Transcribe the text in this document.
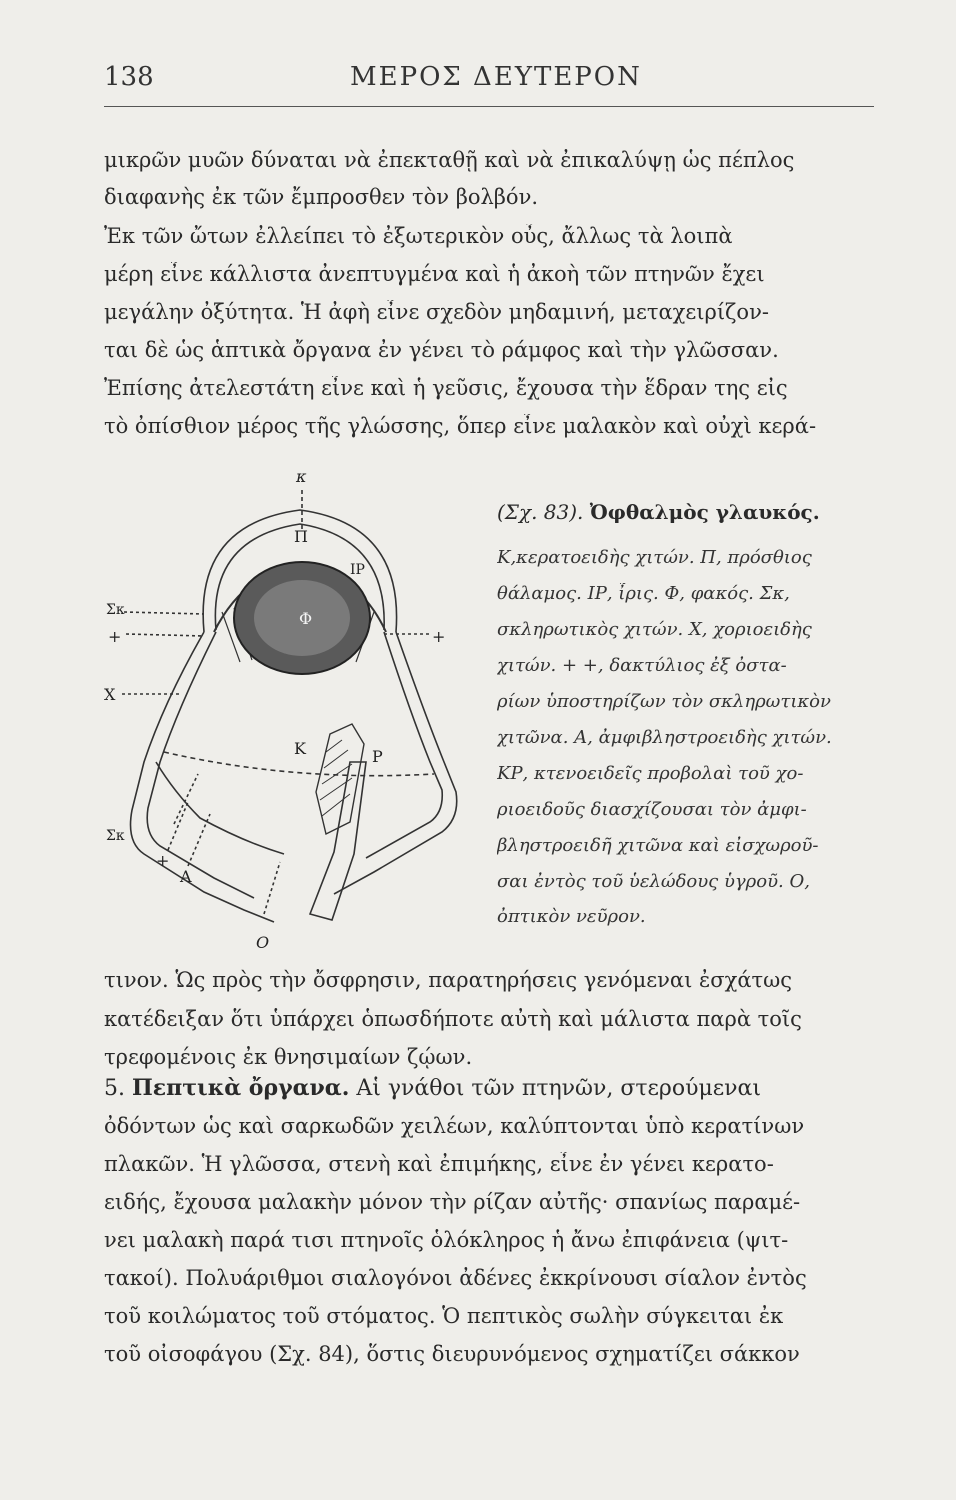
138	ΜΕΡΟΣ ΔΕΥΤΕΡΟΝ
μικρῶν μυῶν δύναται νὰ ἐπεκταθῇ καὶ νὰ ἐπικαλύψῃ ὡς πέπλος
διαφανὴς ἐκ τῶν ἔμπροσθεν τὸν βολβόν.
Ἐκ τῶν ὤτων ἐλλείπει τὸ ἐξωτερικὸν οὖς, ἄλλως τὰ λοιπὰ
μέρη εἶνε κάλλιστα ἀνεπτυγμένα καὶ ἡ ἀκοὴ τῶν πτηνῶν ἔχει
μεγάλην ὀξύτητα. Ἡ ἀφὴ εἶνε σχεδὸν μηδαμινή, μεταχειρίζον-
ται δὲ ὡς ἁπτικὰ ὄργανα ἐν γένει τὸ ράμφος καὶ τὴν γλῶσσαν.
Ἐπίσης ἀτελεστάτη εἶνε καὶ ἡ γεῦσις, ἔχουσα τὴν ἕδραν της εἰς
τὸ ὀπίσθιον μέρος τῆς γλώσσης, ὅπερ εἶνε μαλακὸν καὶ οὐχὶ κερά-
κ
Π
ΙΡ
Φ
Σκ
+	+
Χ
Κ	Ρ
Σκ
+
Α
Ο
(Σχ. 83). Ὀφθαλμὸς γλαυκός.
Κ,κερατοειδὴς χιτών. Π, πρόσθιος
θάλαμος. ΙΡ, ἶρις. Φ, φακός. Σκ,
σκληρωτικὸς χιτών. Χ, χοριοειδὴς
χιτών. + +, δακτύλιος ἐξ ὀστα-
ρίων ὑποστηρίζων τὸν σκληρωτικὸν
χιτῶνα. Α, ἀμφιβληστροειδὴς χιτών.
ΚΡ, κτενοειδεῖς προβολαὶ τοῦ χο-
ριοειδοῦς διασχίζουσαι τὸν ἀμφι-
βληστροειδῆ χιτῶνα καὶ εἰσχωροῦ-
σαι ἐντὸς τοῦ ὑελώδους ὑγροῦ. Ο,
ὀπτικὸν νεῦρον.
τινον. Ὡς πρὸς τὴν ὄσφρησιν, παρατηρήσεις γενόμεναι ἐσχάτως
κατέδειξαν ὅτι ὑπάρχει ὁπωσδήποτε αὐτὴ καὶ μάλιστα παρὰ τοῖς
τρεφομένοις ἐκ θνησιμαίων ζῴων.
5. Πεπτικὰ ὄργανα. Αἱ γνάθοι τῶν πτηνῶν, στερούμεναι
ὀδόντων ὡς καὶ σαρκωδῶν χειλέων, καλύπτονται ὑπὸ κερατίνων
πλακῶν. Ἡ γλῶσσα, στενὴ καὶ ἐπιμήκης, εἶνε ἐν γένει κερατο-
ειδής, ἔχουσα μαλακὴν μόνον τὴν ρίζαν αὐτῆς· σπανίως παραμέ-
νει μαλακὴ παρά τισι πτηνοῖς ὁλόκληρος ἡ ἄνω ἐπιφάνεια (ψιτ-
τακοί). Πολυάριθμοι σιαλογόνοι ἀδένες ἐκκρίνουσι σίαλον ἐντὸς
τοῦ κοιλώματος τοῦ στόματος. Ὁ πεπτικὸς σωλὴν σύγκειται ἐκ
τοῦ οἰσοφάγου (Σχ. 84), ὅστις διευρυνόμενος σχηματίζει σάκκον
